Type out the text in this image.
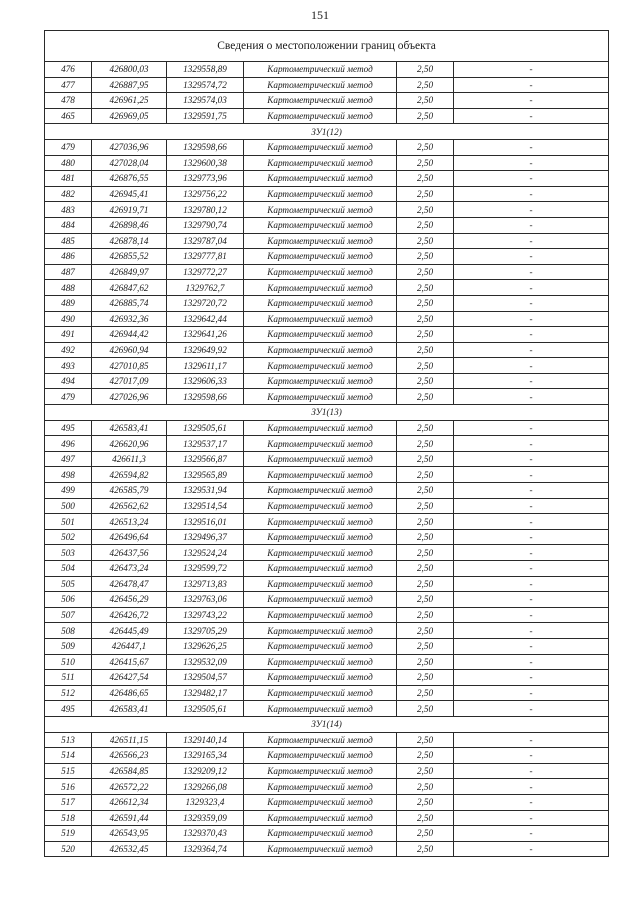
151
Сведения о местоположении границ объекта					
476	426800,03	1329558,89	Картометрический метод	2,50	-
477	426887,95	1329574,72	Картометрический метод	2,50	-
478	426961,25	1329574,03	Картометрический метод	2,50	-
465	426969,05	1329591,75	Картометрический метод	2,50	-
ЗУ1(12)					
479	427036,96	1329598,66	Картометрический метод	2,50	-
480	427028,04	1329600,38	Картометрический метод	2,50	-
481	426876,55	1329773,96	Картометрический метод	2,50	-
482	426945,41	1329756,22	Картометрический метод	2,50	-
483	426919,71	1329780,12	Картометрический метод	2,50	-
484	426898,46	1329790,74	Картометрический метод	2,50	-
485	426878,14	1329787,04	Картометрический метод	2,50	-
486	426855,52	1329777,81	Картометрический метод	2,50	-
487	426849,97	1329772,27	Картометрический метод	2,50	-
488	426847,62	1329762,7	Картометрический метод	2,50	-
489	426885,74	1329720,72	Картометрический метод	2,50	-
490	426932,36	1329642,44	Картометрический метод	2,50	-
491	426944,42	1329641,26	Картометрический метод	2,50	-
492	426960,94	1329649,92	Картометрический метод	2,50	-
493	427010,85	1329611,17	Картометрический метод	2,50	-
494	427017,09	1329606,33	Картометрический метод	2,50	-
479	427026,96	1329598,66	Картометрический метод	2,50	-
ЗУ1(13)					
495	426583,41	1329505,61	Картометрический метод	2,50	-
496	426620,96	1329537,17	Картометрический метод	2,50	-
497	426611,3	1329566,87	Картометрический метод	2,50	-
498	426594,82	1329565,89	Картометрический метод	2,50	-
499	426585,79	1329531,94	Картометрический метод	2,50	-
500	426562,62	1329514,54	Картометрический метод	2,50	-
501	426513,24	1329516,01	Картометрический метод	2,50	-
502	426496,64	1329496,37	Картометрический метод	2,50	-
503	426437,56	1329524,24	Картометрический метод	2,50	-
504	426473,24	1329599,72	Картометрический метод	2,50	-
505	426478,47	1329713,83	Картометрический метод	2,50	-
506	426456,29	1329763,06	Картометрический метод	2,50	-
507	426426,72	1329743,22	Картометрический метод	2,50	-
508	426445,49	1329705,29	Картометрический метод	2,50	-
509	426447,1	1329626,25	Картометрический метод	2,50	-
510	426415,67	1329532,09	Картометрический метод	2,50	-
511	426427,54	1329504,57	Картометрический метод	2,50	-
512	426486,65	1329482,17	Картометрический метод	2,50	-
495	426583,41	1329505,61	Картометрический метод	2,50	-
ЗУ1(14)					
513	426511,15	1329140,14	Картометрический метод	2,50	-
514	426566,23	1329165,34	Картометрический метод	2,50	-
515	426584,85	1329209,12	Картометрический метод	2,50	-
516	426572,22	1329266,08	Картометрический метод	2,50	-
517	426612,34	1329323,4	Картометрический метод	2,50	-
518	426591,44	1329359,09	Картометрический метод	2,50	-
519	426543,95	1329370,43	Картометрический метод	2,50	-
520	426532,45	1329364,74	Картометрический метод	2,50	-
